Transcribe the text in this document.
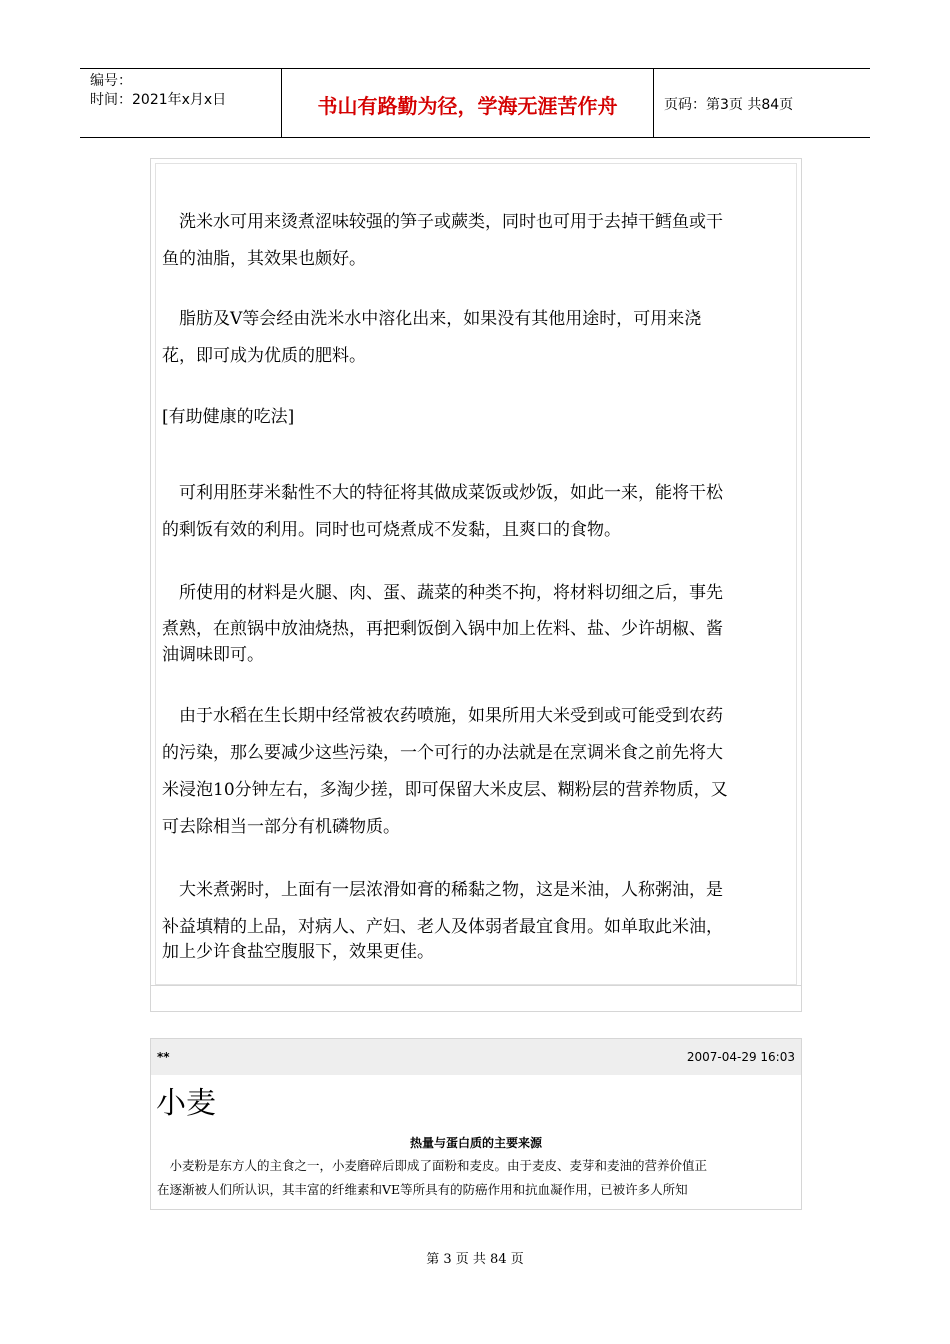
编号：
时间：2021年x月x日	书山有路勤为径，学海无涯苦作舟	页码：第3页 共84页
　洗米水可用来烫煮涩味较强的笋子或蕨类，同时也可用于去掉干鳕鱼或干
鱼的油脂，其效果也颇好。
　脂肪及V等会经由洗米水中溶化出来，如果没有其他用途时，可用来浇
花，即可成为优质的肥料。
[有助健康的吃法]
　可利用胚芽米黏性不大的特征将其做成菜饭或炒饭，如此一来，能将干松
的剩饭有效的利用。同时也可烧煮成不发黏，且爽口的食物。
　所使用的材料是火腿、肉、蛋、蔬菜的种类不拘，将材料切细之后，事先
煮熟，在煎锅中放油烧热，再把剩饭倒入锅中加上佐料、盐、少许胡椒、酱
油调味即可。
　由于水稻在生长期中经常被农药喷施，如果所用大米受到或可能受到农药
的污染，那么要减少这些污染，一个可行的办法就是在烹调米食之前先将大
米浸泡10分钟左右，多淘少搓，即可保留大米皮层、糊粉层的营养物质，又
可去除相当一部分有机磷物质。
　大米煮粥时，上面有一层浓滑如膏的稀黏之物，这是米油，人称粥油，是
补益填精的上品，对病人、产妇、老人及体弱者最宜食用。如单取此米油，
加上少许食盐空腹服下，效果更佳。
**	2007-04-29 16:03
小麦
热量与蛋白质的主要来源
　小麦粉是东方人的主食之一，小麦磨碎后即成了面粉和麦皮。由于麦皮、麦芽和麦油的营养价值正
在逐渐被人们所认识，其丰富的纤维素和VE等所具有的防癌作用和抗血凝作用，已被许多人所知
第 3 页 共 84 页
